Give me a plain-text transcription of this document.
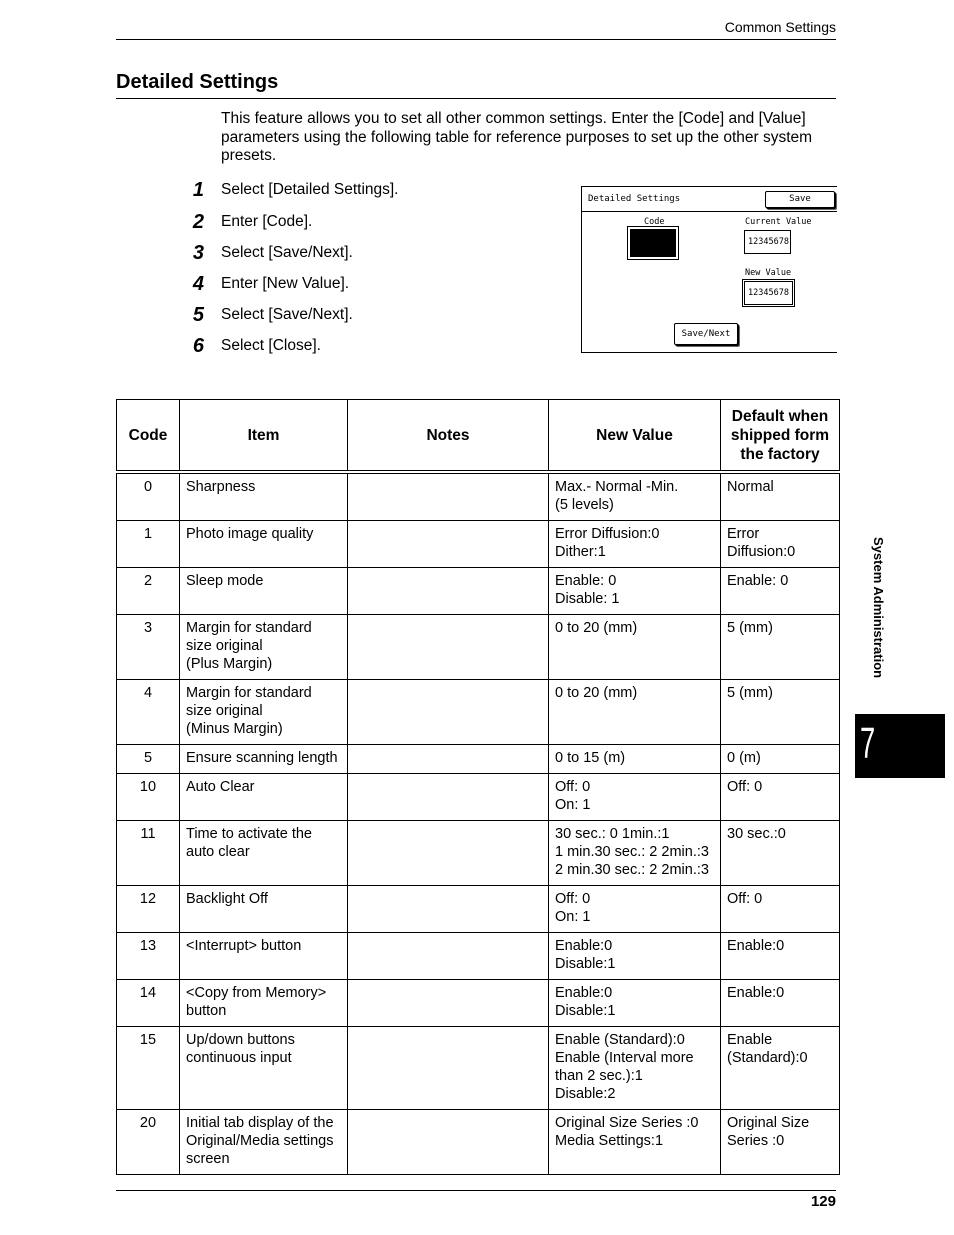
Common Settings
Detailed Settings
This feature allows you to set all other common settings. Enter the [Code] and [Value] parameters using the following table for reference purposes to set up the other system presets.
1 Select [Detailed Settings].
2 Enter [Code].
3 Select [Save/Next].
4 Enter [New Value].
5 Select [Save/Next].
6 Select [Close].
Detailed Settings	Save
Code	Current Value
12345678
New Value
12345678
Save/Next
Code	Item	Notes	New Value	Default when shipped form the factory
0	Sharpness		Max.- Normal -Min.
(5 levels)	Normal
1	Photo image quality		Error Diffusion:0
Dither:1	Error
Diffusion:0
2	Sleep mode		Enable: 0
Disable: 1	Enable: 0
3	Margin for standard
size original
(Plus Margin)		0 to 20 (mm)	5 (mm)
4	Margin for standard
size original
(Minus Margin)		0 to 20 (mm)	5 (mm)
5	Ensure scanning length		0 to 15 (m)	0 (m)
10	Auto Clear		Off: 0
On: 1	Off: 0
11	Time to activate the
auto clear		30 sec.: 0 1min.:1
1 min.30 sec.: 2 2min.:3
2 min.30 sec.: 2 2min.:3	30 sec.:0
12	Backlight Off		Off: 0
On: 1	Off: 0
13	<Interrupt> button		Enable:0
Disable:1	Enable:0
14	<Copy from Memory>
button		Enable:0
Disable:1	Enable:0
15	Up/down buttons
continuous input		Enable (Standard):0
Enable (Interval more
than 2 sec.):1
Disable:2	Enable
(Standard):0
20	Initial tab display of the
Original/Media settings
screen		Original Size Series :0
Media Settings:1	Original Size
Series :0
System Administration
7
129
